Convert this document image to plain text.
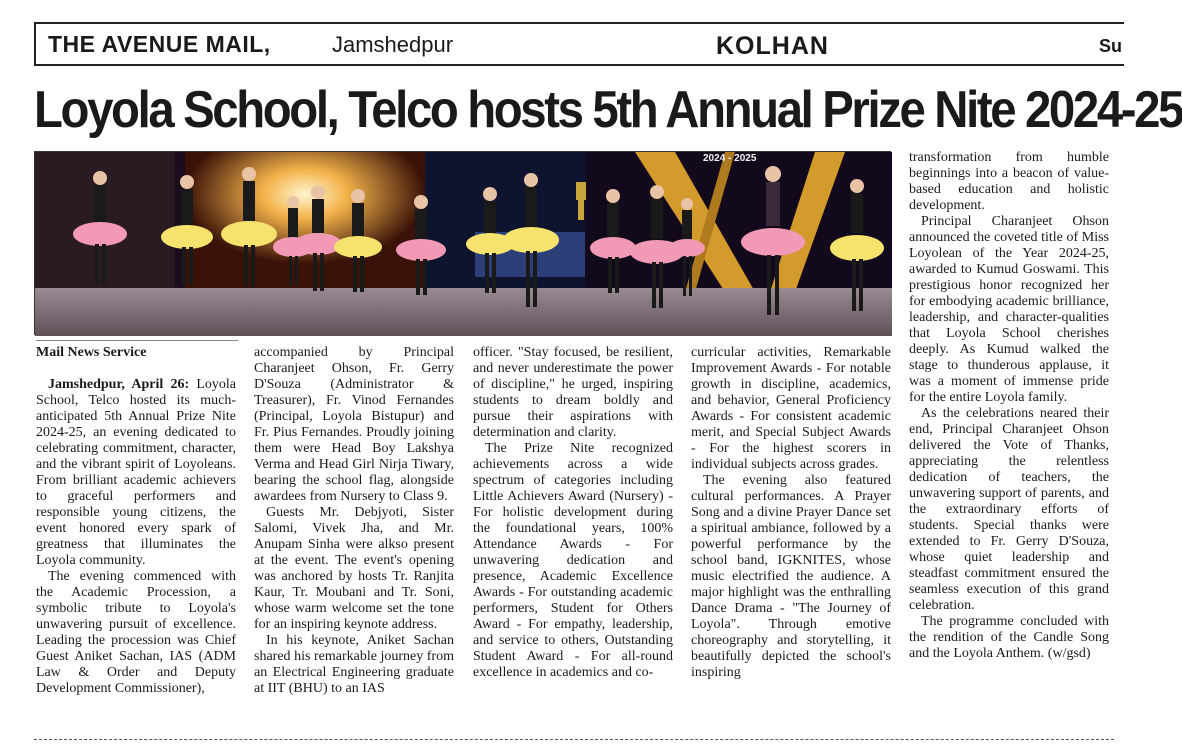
THE AVENUE MAIL,	Jamshedpur	KOLHAN	Su
Loyola School, Telco hosts 5th Annual Prize Nite 2024-25
2024 - 2025
Mail News Service

Jamshedpur, April 26: Loyola School, Telco hosted its much-anticipated 5th Annual Prize Nite 2024-25, an evening dedicated to celebrating commitment, character, and the vibrant spirit of Loyoleans. From brilliant academic achievers to graceful performers and responsible young citizens, the event honored every spark of greatness that illuminates the Loyola community.

The evening commenced with the Academic Procession, a symbolic tribute to Loyola's unwavering pursuit of excellence. Leading the procession was Chief Guest Aniket Sachan, IAS (ADM Law & Order and Deputy Development Commissioner),

accompanied by Principal Charanjeet Ohson, Fr. Gerry D'Souza (Administrator & Treasurer), Fr. Vinod Fernandes (Principal, Loyola Bistupur) and Fr. Pius Fernandes. Proudly joining them were Head Boy Lakshya Verma and Head Girl Nirja Tiwary, bearing the school flag, alongside awardees from Nursery to Class 9.

Guests Mr. Debjyoti, Sister Salomi, Vivek Jha, and Mr. Anupam Sinha were alkso present at the event. The event's opening was anchored by hosts Tr. Ranjita Kaur, Tr. Moubani and Tr. Soni, whose warm welcome set the tone for an inspiring keynote address.

In his keynote, Aniket Sachan shared his remarkable journey from an Electrical Engineering graduate at IIT (BHU) to an IAS

officer. "Stay focused, be resilient, and never underestimate the power of discipline," he urged, inspiring students to dream boldly and pursue their aspirations with determination and clarity.

The Prize Nite recognized achievements across a wide spectrum of categories including Little Achievers Award (Nursery) - For holistic development during the foundational years, 100% Attendance Awards - For unwavering dedication and presence, Academic Excellence Awards - For outstanding academic performers, Student for Others Award - For empathy, leadership, and service to others, Outstanding Student Award - For all-round excellence in academics and co-

curricular activities, Remarkable Improvement Awards - For notable growth in discipline, academics, and behavior, General Proficiency Awards - For consistent academic merit, and Special Subject Awards - For the highest scorers in individual subjects across grades.

The evening also featured cultural performances. A Prayer Song and a divine Prayer Dance set a spiritual ambiance, followed by a powerful performance by the school band, IGKNITES, whose music electrified the audience. A major highlight was the enthralling Dance Drama - "The Journey of Loyola". Through emotive choreography and storytelling, it beautifully depicted the school's inspiring

transformation from humble beginnings into a beacon of value-based education and holistic development.

Principal Charanjeet Ohson announced the coveted title of Miss Loyolean of the Year 2024-25, awarded to Kumud Goswami. This prestigious honor recognized her for embodying academic brilliance, leadership, and character-qualities that Loyola School cherishes deeply. As Kumud walked the stage to thunderous applause, it was a moment of immense pride for the entire Loyola family.

As the celebrations neared their end, Principal Charanjeet Ohson delivered the Vote of Thanks, appreciating the relentless dedication of teachers, the unwavering support of parents, and the extraordinary efforts of students. Special thanks were extended to Fr. Gerry D'Souza, whose quiet leadership and steadfast commitment ensured the seamless execution of this grand celebration.

The programme concluded with the rendition of the Candle Song and the Loyola Anthem. (w/gsd)
